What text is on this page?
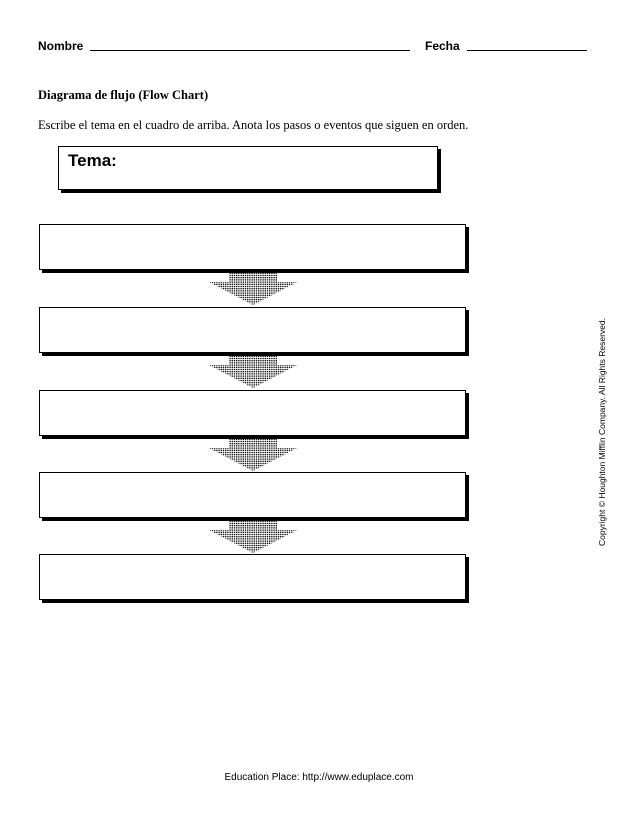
Nombre	Fecha
Diagrama de flujo (Flow Chart)
Escribe el tema en el cuadro de arriba. Anota los pasos o eventos que siguen en orden.
Tema:
Copyright © Houghton Mifflin Company. All Rights Reserved.
Education Place: http://www.eduplace.com
